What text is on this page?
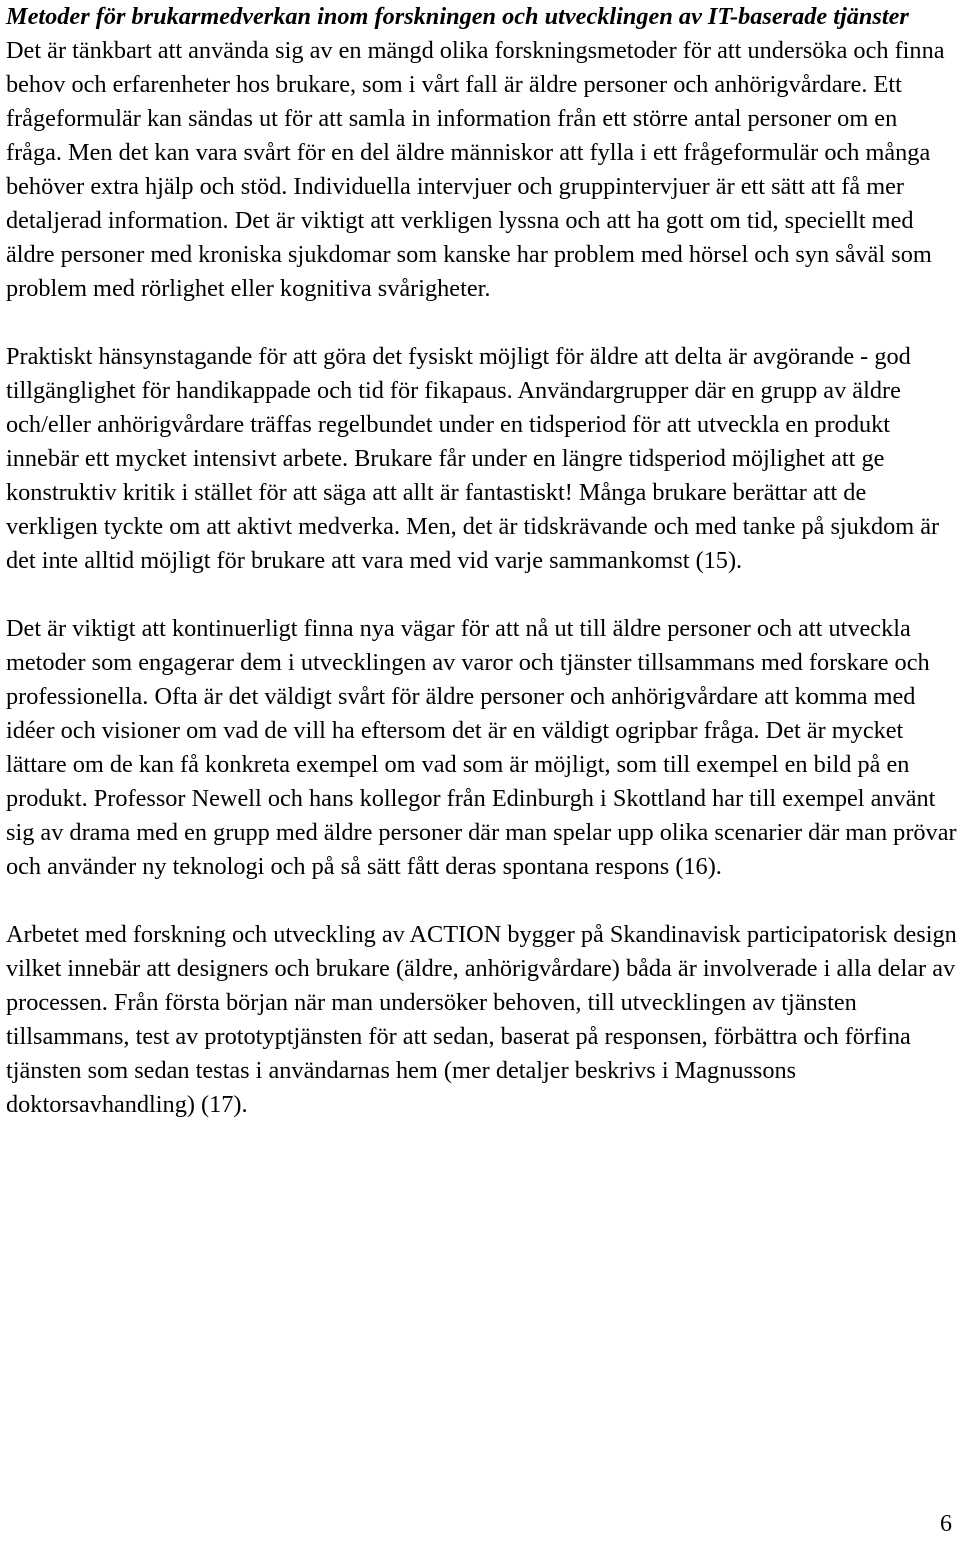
Metoder för brukarmedverkan inom forskningen och utvecklingen av IT-baserade tjänster

Det är tänkbart att använda sig av en mängd olika forskningsmetoder för att undersöka och finna behov och erfarenheter hos brukare, som i vårt fall är äldre personer och anhörigvårdare. Ett frågeformulär kan sändas ut för att samla in information från ett större antal personer om en fråga. Men det kan vara svårt för en del äldre människor att fylla i ett frågeformulär och många behöver extra hjälp och stöd. Individuella intervjuer och gruppintervjuer är ett sätt att få mer detaljerad information. Det är viktigt att verkligen lyssna och att ha gott om tid, speciellt med äldre personer med kroniska sjukdomar som kanske har problem med hörsel och syn såväl som problem med rörlighet eller kognitiva svårigheter.

Praktiskt hänsynstagande för att göra det fysiskt möjligt för äldre att delta är avgörande - god tillgänglighet för handikappade och tid för fikapaus. Användargrupper där en grupp av äldre och/eller anhörigvårdare träffas regelbundet under en tidsperiod för att utveckla en produkt innebär ett mycket intensivt arbete. Brukare får under en längre tidsperiod möjlighet att ge konstruktiv kritik i stället för att säga att allt är fantastiskt! Många brukare berättar att de verkligen tyckte om att aktivt medverka. Men, det är tidskrävande och med tanke på sjukdom är det inte alltid möjligt för brukare att vara med vid varje sammankomst (15).

Det är viktigt att kontinuerligt finna nya vägar för att nå ut till äldre personer och att utveckla metoder som engagerar dem i utvecklingen av varor och tjänster tillsammans med forskare och professionella. Ofta är det väldigt svårt för äldre personer och anhörigvårdare att komma med idéer och visioner om vad de vill ha eftersom det är en väldigt ogripbar fråga. Det är mycket lättare om de kan få konkreta exempel om vad som är möjligt, som till exempel en bild på en produkt. Professor Newell och hans kollegor från Edinburgh i Skottland har till exempel använt sig av drama med en grupp med äldre personer där man spelar upp olika scenarier där man prövar och använder ny teknologi och på så sätt fått deras spontana respons (16).

Arbetet med forskning och utveckling av ACTION bygger på Skandinavisk participatorisk design vilket innebär att designers och brukare (äldre, anhörigvårdare) båda är involverade i alla delar av processen. Från första början när man undersöker behoven, till utvecklingen av tjänsten tillsammans, test av prototyptjänsten för att sedan, baserat på responsen, förbättra och förfina tjänsten som sedan testas i användarnas hem (mer detaljer beskrivs i Magnussons doktorsavhandling) (17).

6
